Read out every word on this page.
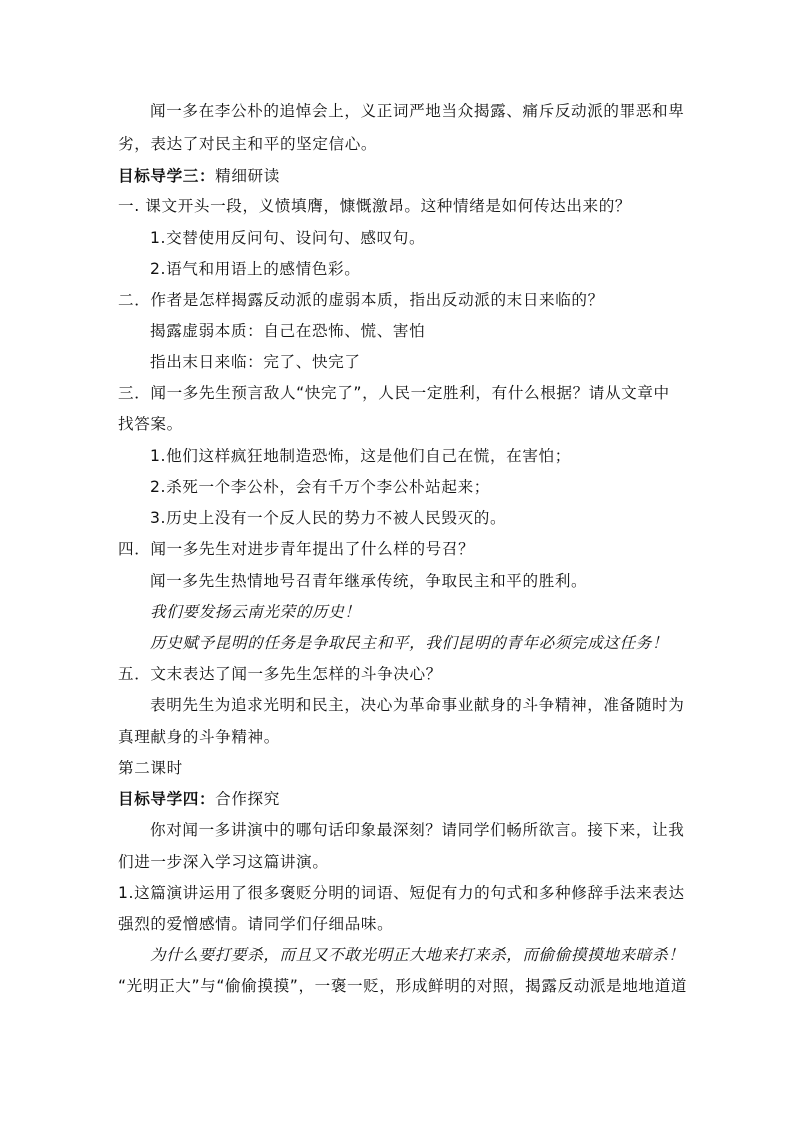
闻一多在李公朴的追悼会上，义正词严地当众揭露、痛斥反动派的罪恶和卑
劣，表达了对民主和平的坚定信心。
目标导学三：精细研读
一. 课文开头一段，义愤填膺，慷慨激昂。这种情绪是如何传达出来的？
1.交替使用反问句、设问句、感叹句。
2.语气和用语上的感情色彩。
二．作者是怎样揭露反动派的虚弱本质，指出反动派的末日来临的？
揭露虚弱本质：自己在恐怖、慌、害怕
指出末日来临：完了、快完了
三．闻一多先生预言敌人“快完了”，人民一定胜利，有什么根据？请从文章中
找答案。
1.他们这样疯狂地制造恐怖，这是他们自己在慌，在害怕；
2.杀死一个李公朴，会有千万个李公朴站起来；
3.历史上没有一个反人民的势力不被人民毁灭的。
四．闻一多先生对进步青年提出了什么样的号召？
闻一多先生热情地号召青年继承传统，争取民主和平的胜利。
我们要发扬云南光荣的历史！
历史赋予昆明的任务是争取民主和平，我们昆明的青年必须完成这任务！
五．文末表达了闻一多先生怎样的斗争决心？
表明先生为追求光明和民主，决心为革命事业献身的斗争精神，准备随时为
真理献身的斗争精神。
第二课时
目标导学四：合作探究
你对闻一多讲演中的哪句话印象最深刻？请同学们畅所欲言。接下来，让我
们进一步深入学习这篇讲演。
1.这篇演讲运用了很多褒贬分明的词语、短促有力的句式和多种修辞手法来表达
强烈的爱憎感情。请同学们仔细品味。
为什么要打要杀，而且又不敢光明正大地来打来杀，而偷偷摸摸地来暗杀！
“光明正大”与“偷偷摸摸”，一褒一贬，形成鲜明的对照，揭露反动派是地地道道
